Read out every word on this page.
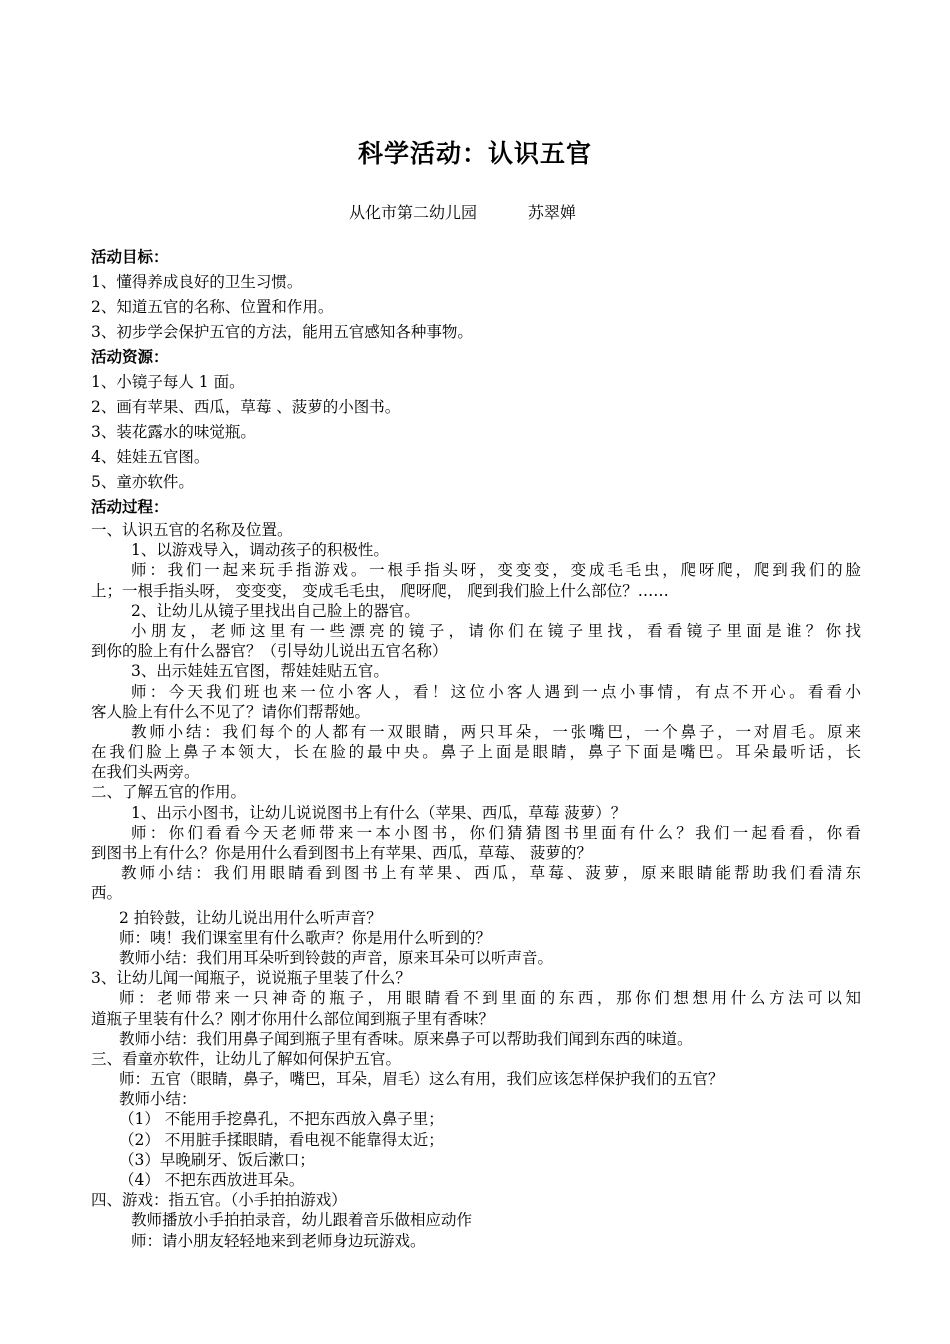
科学活动：认识五官
从化市第二幼儿园          苏翠婵
活动目标：
1、懂得养成良好的卫生习惯。
2、知道五官的名称、位置和作用。
3、初步学会保护五官的方法，能用五官感知各种事物。
活动资源：
1、小镜子每人 1 面。
2、画有苹果、西瓜，草莓 、菠萝的小图书。
3、装花露水的味觉瓶。
4、娃娃五官图。
5、童亦软件。
活动过程：
一、认识五官的名称及位置。
1、以游戏导入，调动孩子的积极性。
师：我们一起来玩手指游戏。一根手指头呀，变变变，变成毛毛虫，爬呀爬，爬到我们的脸
上；一根手指头呀， 变变变， 变成毛毛虫， 爬呀爬， 爬到我们脸上什么部位？……
2、让幼儿从镜子里找出自己脸上的器官。
小朋友，老师这里有一些漂亮的镜子，请你们在镜子里找，看看镜子里面是谁？你找
到你的脸上有什么器官？（引导幼儿说出五官名称）
3、出示娃娃五官图，帮娃娃贴五官。
师：今天我们班也来一位小客人，看！这位小客人遇到一点小事情，有点不开心。看看小
客人脸上有什么不见了？请你们帮帮她。
教师小结：我们每个的人都有一双眼睛，两只耳朵，一张嘴巴，一个鼻子，一对眉毛。原来
在我们脸上鼻子本领大，长在脸的最中央。鼻子上面是眼睛，鼻子下面是嘴巴。耳朵最听话，长
在我们头两旁。
二、了解五官的作用。
1、出示小图书，让幼儿说说图书上有什么（苹果、西瓜，草莓 菠萝）？
师：你们看看今天老师带来一本小图书，你们猜猜图书里面有什么？我们一起看看，你看
到图书上有什么？你是用什么看到图书上有苹果、西瓜，草莓、 菠萝的？
教师小结：我们用眼睛看到图书上有苹果、西瓜，草莓、菠萝，原来眼睛能帮助我们看清东
西。
2 拍铃鼓，让幼儿说出用什么听声音？
师：咦！我们课室里有什么歌声？你是用什么听到的？
教师小结：我们用耳朵听到铃鼓的声音，原来耳朵可以听声音。
3、让幼儿闻一闻瓶子，说说瓶子里装了什么？
师：老师带来一只神奇的瓶子，用眼睛看不到里面的东西，那你们想想用什么方法可以知
道瓶子里装有什么？刚才你用什么部位闻到瓶子里有香味？
教师小结：我们用鼻子闻到瓶子里有香味。原来鼻子可以帮助我们闻到东西的味道。
三、看童亦软件，让幼儿了解如何保护五官。
师：五官（眼睛，鼻子，嘴巴，耳朵，眉毛）这么有用，我们应该怎样保护我们的五官？
教师小结：
（1） 不能用手挖鼻孔，不把东西放入鼻子里；
（2） 不用脏手揉眼睛，看电视不能靠得太近；
（3）早晚刷牙、饭后漱口；
（4） 不把东西放进耳朵。
四、游戏：指五官。（小手拍拍游戏）
教师播放小手拍拍录音，幼儿跟着音乐做相应动作
师：请小朋友轻轻地来到老师身边玩游戏。
